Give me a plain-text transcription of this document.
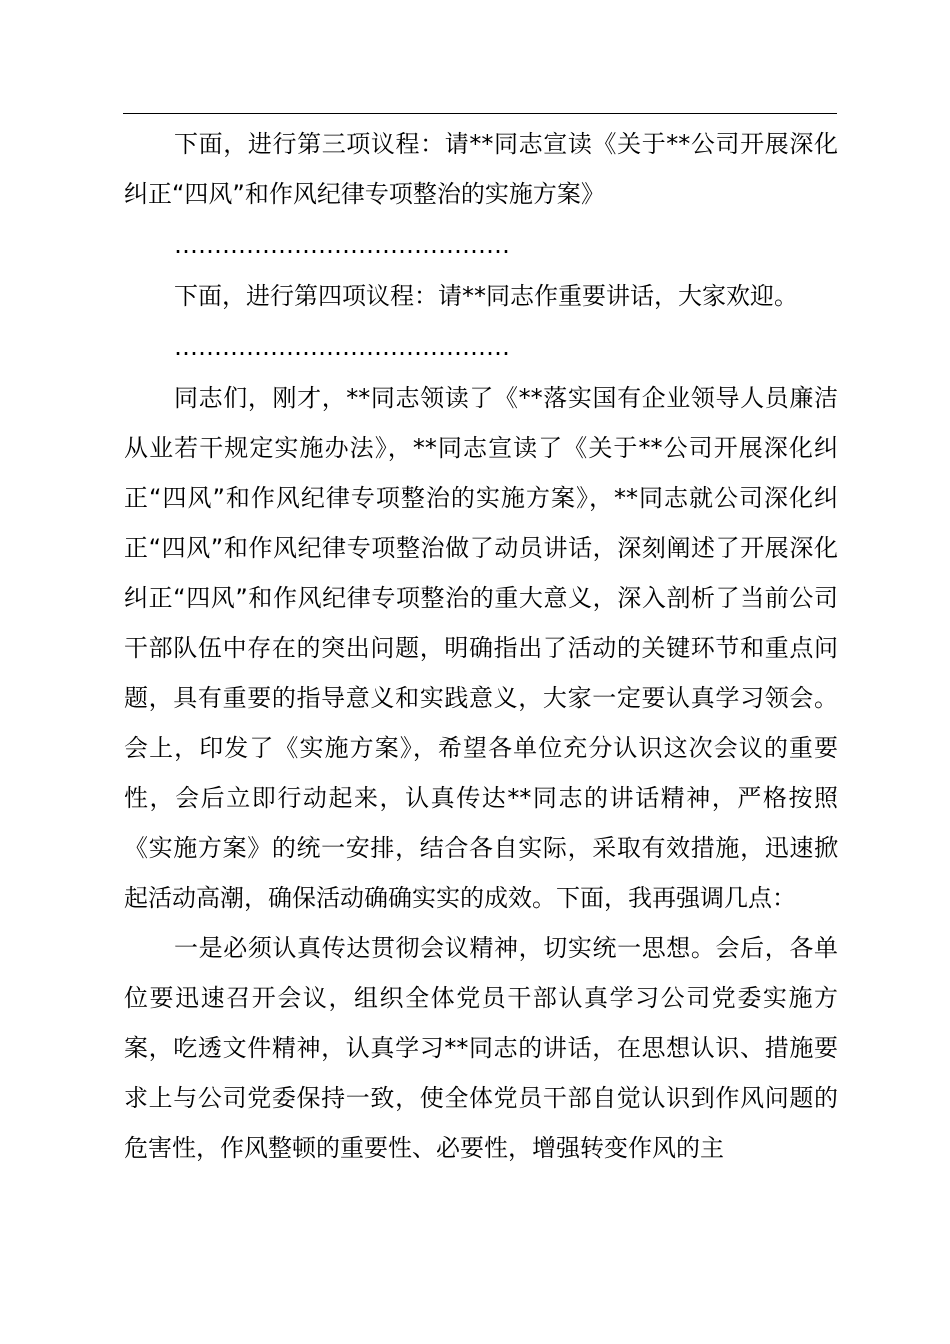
下面，进行第三项议程：请**同志宣读《关于**公司开展深化纠正“四风”和作风纪律专项整治的实施方案》

……………………………………

下面，进行第四项议程：请**同志作重要讲话，大家欢迎。

……………………………………

同志们，刚才，**同志领读了《**落实国有企业领导人员廉洁从业若干规定实施办法》，**同志宣读了《关于**公司开展深化纠正“四风”和作风纪律专项整治的实施方案》，**同志就公司深化纠正“四风”和作风纪律专项整治做了动员讲话，深刻阐述了开展深化纠正“四风”和作风纪律专项整治的重大意义，深入剖析了当前公司干部队伍中存在的突出问题，明确指出了活动的关键环节和重点问题，具有重要的指导意义和实践意义，大家一定要认真学习领会。会上，印发了《实施方案》，希望各单位充分认识这次会议的重要性，会后立即行动起来，认真传达**同志的讲话精神，严格按照《实施方案》的统一安排，结合各自实际，采取有效措施，迅速掀起活动高潮，确保活动确确实实的成效。下面，我再强调几点：

一是必须认真传达贯彻会议精神，切实统一思想。会后，各单位要迅速召开会议，组织全体党员干部认真学习公司党委实施方案，吃透文件精神，认真学习**同志的讲话，在思想认识、措施要求上与公司党委保持一致，使全体党员干部自觉认识到作风问题的危害性，作风整顿的重要性、必要性，增强转变作风的主
